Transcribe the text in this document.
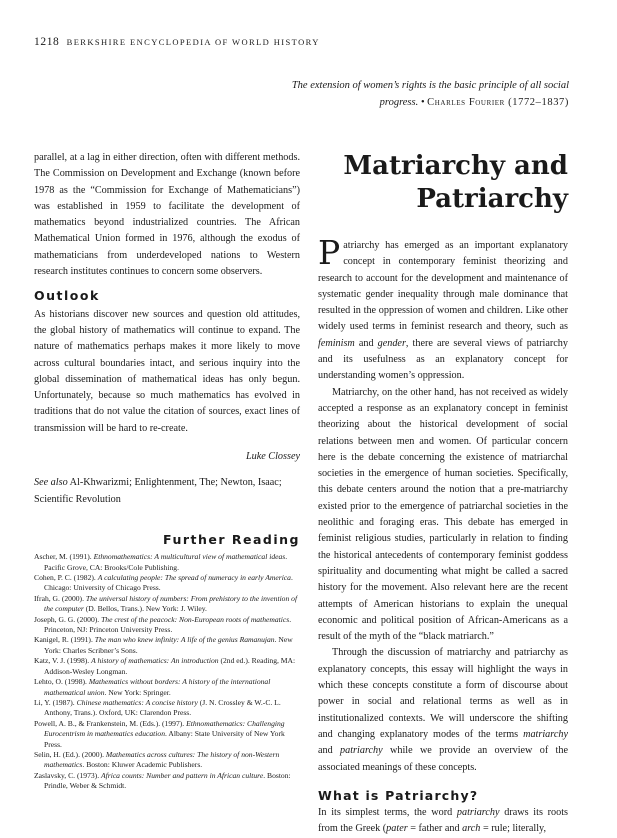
1218 BERKSHIRE ENCYCLOPEDIA OF WORLD HISTORY
The extension of women’s rights is the basic principle of all social progress. • Charles Fourier (1772–1837)

parallel, at a lag in either direction, often with different methods. The Commission on Development and Exchange (known before 1978 as the “Commission for Exchange of Mathematicians”) was established in 1959 to facilitate the development of mathematics beyond industrialized countries. The African Mathematical Union formed in 1976, although the exodus of mathematicians from underdeveloped nations to Western research institutes continues to concern some observers.

Outlook

As historians discover new sources and question old attitudes, the global history of mathematics will continue to expand. The nature of mathematics perhaps makes it more likely to move across cultural boundaries intact, and serious inquiry into the global dissemination of mathematical ideas has only begun. Unfortunately, because so much mathematics has evolved in traditions that do not value the citation of sources, exact lines of transmission will be hard to re-create.

Luke Clossey

See also Al-Khwarizmi; Enlightenment, The; Newton, Isaac; Scientific Revolution

Further Reading
Ascher, M. (1991). Ethnomathematics: A multicultural view of mathematical ideas. Pacific Grove, CA: Brooks/Cole Publishing.
Cohen, P. C. (1982). A calculating people: The spread of numeracy in early America. Chicago: University of Chicago Press.
Ifrah, G. (2000). The universal history of numbers: From prehistory to the invention of the computer (D. Bellos, Trans.). New York: J. Wiley.
Joseph, G. G. (2000). The crest of the peacock: Non-European roots of mathematics. Princeton, NJ: Princeton University Press.
Kanigel, R. (1991). The man who knew infinity: A life of the genius Ramanujan. New York: Charles Scribner’s Sons.
Katz, V. J. (1998). A history of mathematics: An introduction (2nd ed.). Reading, MA: Addison-Wesley Longman.
Lehto, O. (1998). Mathematics without borders: A history of the international mathematical union. New York: Springer.
Li, Y. (1987). Chinese mathematics: A concise history (J. N. Crossley & W.-C. L. Anthony, Trans.). Oxford, UK: Clarendon Press.
Powell, A. B., & Frankenstein, M. (Eds.). (1997). Ethnomathematics: Challenging Eurocentrism in mathematics education. Albany: State University of New York Press.
Selin, H. (Ed.). (2000). Mathematics across cultures: The history of non-Western mathematics. Boston: Kluwer Academic Publishers.
Zaslavsky, C. (1973). Africa counts: Number and pattern in African culture. Boston: Prindle, Weber & Schmidt.
Matriarchy and
Patriarchy

Patriarchy has emerged as an important explanatory concept in contemporary feminist theorizing and research to account for the development and maintenance of systematic gender inequality through male dominance that resulted in the oppression of women and children. Like other widely used terms in feminist research and theory, such as feminism and gender, there are several views of patriarchy and its usefulness as an explanatory concept for understanding women’s oppression.

Matriarchy, on the other hand, has not received as widely accepted a response as an explanatory concept in feminist theorizing about the historical development of social relations between men and women. Of particular concern here is the debate concerning the existence of matriarchal societies in the emergence of human societies. Specifically, this debate centers around the notion that a pre-matriarchy existed prior to the emergence of patriarchal societies in the neolithic and foraging eras. This debate has emerged in feminist religious studies, particularly in relation to finding the historical antecedents of contemporary feminist goddess spirituality and documenting what might be called a sacred history for the movement. Also relevant here are the recent attempts of American historians to explain the unequal economic and political position of African-Americans as a result of the myth of the “black matriarch.”

Through the discussion of matriarchy and patriarchy as explanatory concepts, this essay will highlight the ways in which these concepts constitute a form of discourse about power in social and relational terms as well as in institutionalized contexts. We will underscore the shifting and changing explanatory modes of the terms matriarchy and patriarchy while we provide an overview of the associated meanings of these concepts.

What is Patriarchy?

In its simplest terms, the word patriarchy draws its roots from the Greek (pater = father and arch = rule; literally,
